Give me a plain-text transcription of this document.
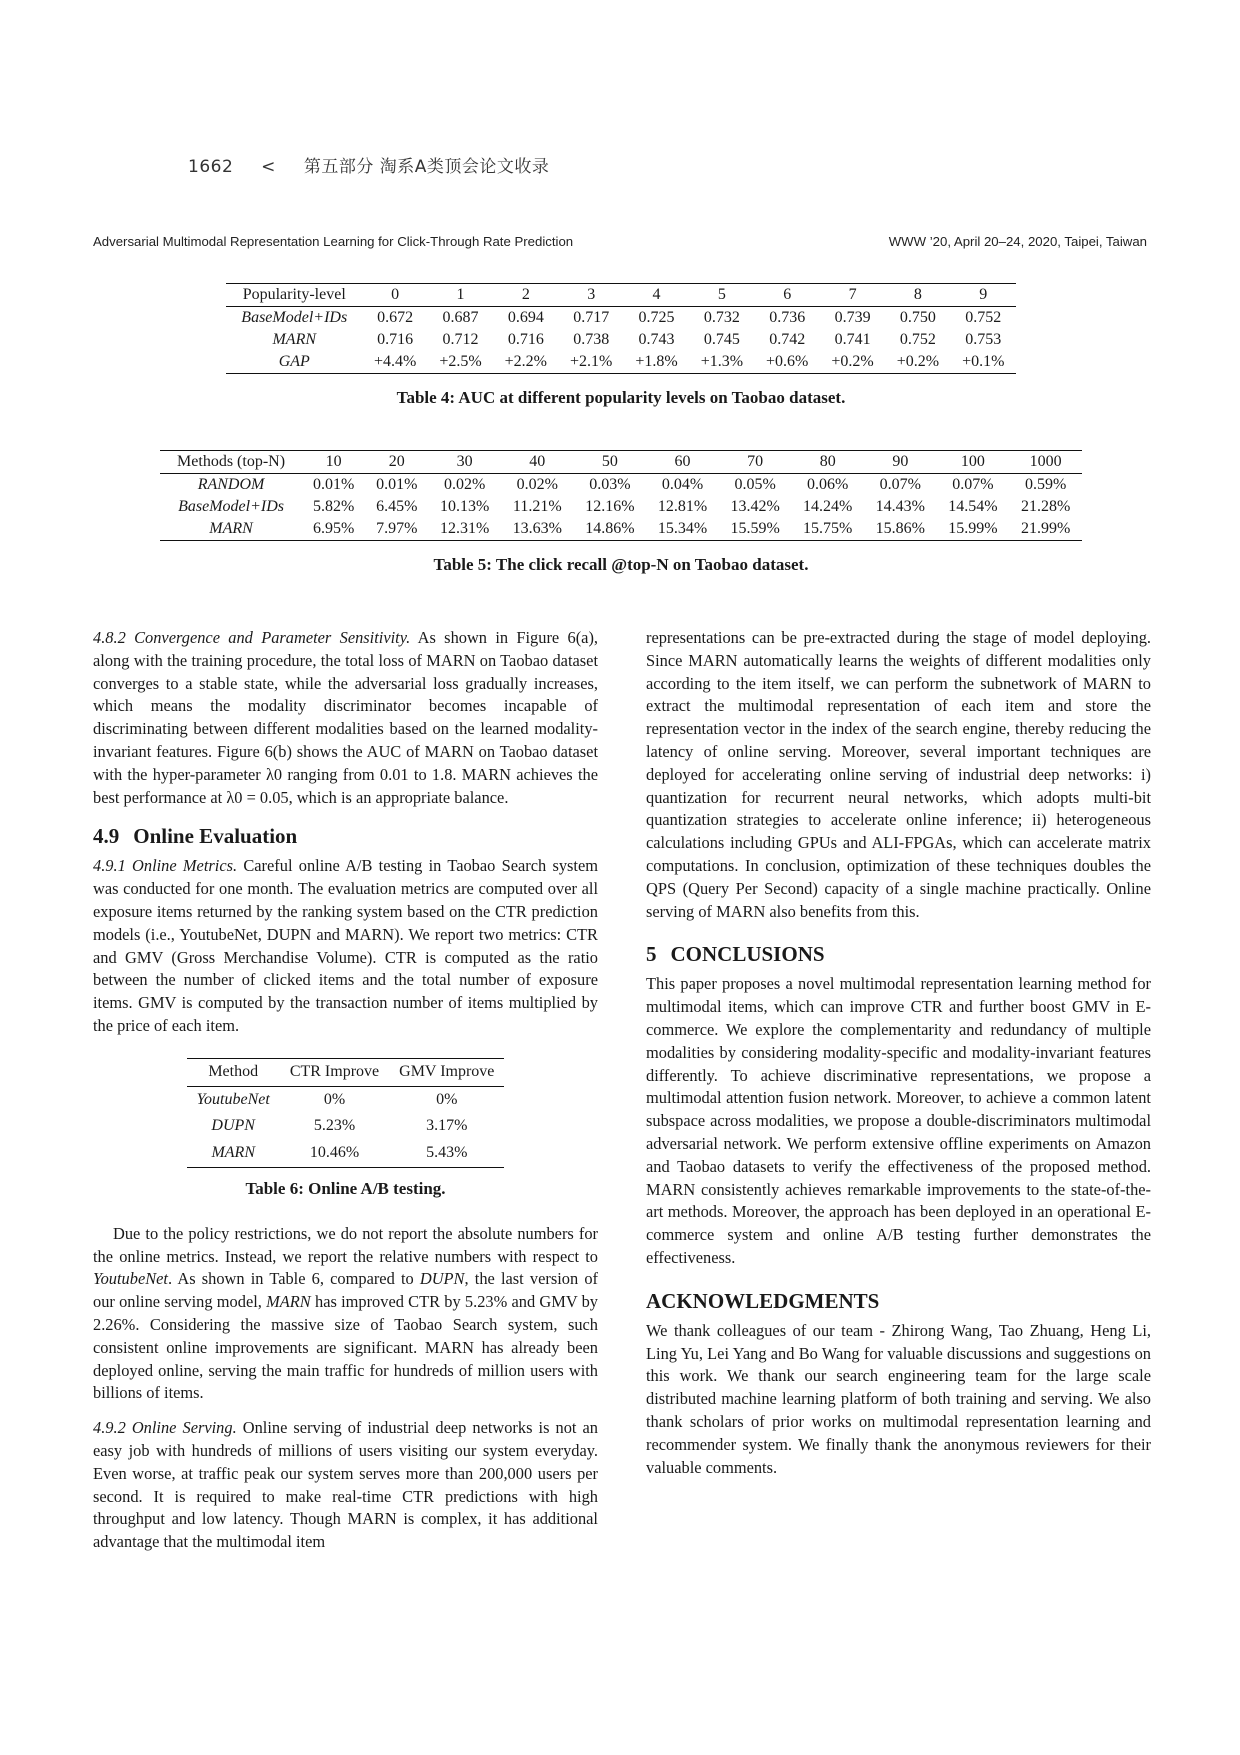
1662 < 第五部分 淘系A类顶会论文收录
Adversarial Multimodal Representation Learning for Click-Through Rate Prediction	WWW ’20, April 20–24, 2020, Taipei, Taiwan
Popularity-level	0	1	2	3	4	5	6	7	8	9
BaseModel+IDs	0.672	0.687	0.694	0.717	0.725	0.732	0.736	0.739	0.750	0.752
MARN	0.716	0.712	0.716	0.738	0.743	0.745	0.742	0.741	0.752	0.753
GAP	+4.4%	+2.5%	+2.2%	+2.1%	+1.8%	+1.3%	+0.6%	+0.2%	+0.2%	+0.1%
Table 4: AUC at different popularity levels on Taobao dataset.
Methods (top-N)	10	20	30	40	50	60	70	80	90	100	1000
RANDOM	0.01%	0.01%	0.02%	0.02%	0.03%	0.04%	0.05%	0.06%	0.07%	0.07%	0.59%
BaseModel+IDs	5.82%	6.45%	10.13%	11.21%	12.16%	12.81%	13.42%	14.24%	14.43%	14.54%	21.28%
MARN	6.95%	7.97%	12.31%	13.63%	14.86%	15.34%	15.59%	15.75%	15.86%	15.99%	21.99%
Table 5: The click recall @top-N on Taobao dataset.

4.8.2 Convergence and Parameter Sensitivity. As shown in Figure 6(a), along with the training procedure, the total loss of MARN on Taobao dataset converges to a stable state, while the adversarial loss gradually increases, which means the modality discriminator becomes incapable of discriminating between different modalities based on the learned modality-invariant features. Figure 6(b) shows the AUC of MARN on Taobao dataset with the hyper-parameter λ0 ranging from 0.01 to 1.8. MARN achieves the best performance at λ0 = 0.05, which is an appropriate balance.

4.9 Online Evaluation

4.9.1 Online Metrics. Careful online A/B testing in Taobao Search system was conducted for one month. The evaluation metrics are computed over all exposure items returned by the ranking system based on the CTR prediction models (i.e., YoutubeNet, DUPN and MARN). We report two metrics: CTR and GMV (Gross Merchandise Volume). CTR is computed as the ratio between the number of clicked items and the total number of exposure items. GMV is computed by the transaction number of items multiplied by the price of each item.

Method	CTR Improve	GMV Improve
YoutubeNet	0%	0%
DUPN	5.23%	3.17%
MARN	10.46%	5.43%
Table 6: Online A/B testing.

Due to the policy restrictions, we do not report the absolute numbers for the online metrics. Instead, we report the relative numbers with respect to YoutubeNet. As shown in Table 6, compared to DUPN, the last version of our online serving model, MARN has improved CTR by 5.23% and GMV by 2.26%. Considering the massive size of Taobao Search system, such consistent online improvements are significant. MARN has already been deployed online, serving the main traffic for hundreds of million users with billions of items.

4.9.2 Online Serving. Online serving of industrial deep networks is not an easy job with hundreds of millions of users visiting our system everyday. Even worse, at traffic peak our system serves more than 200,000 users per second. It is required to make real-time CTR predictions with high throughput and low latency. Though MARN is complex, it has additional advantage that the multimodal item

representations can be pre-extracted during the stage of model deploying. Since MARN automatically learns the weights of different modalities only according to the item itself, we can perform the subnetwork of MARN to extract the multimodal representation of each item and store the representation vector in the index of the search engine, thereby reducing the latency of online serving. Moreover, several important techniques are deployed for accelerating online serving of industrial deep networks: i) quantization for recurrent neural networks, which adopts multi-bit quantization strategies to accelerate online inference; ii) heterogeneous calculations including GPUs and ALI-FPGAs, which can accelerate matrix computations. In conclusion, optimization of these techniques doubles the QPS (Query Per Second) capacity of a single machine practically. Online serving of MARN also benefits from this.

5 CONCLUSIONS

This paper proposes a novel multimodal representation learning method for multimodal items, which can improve CTR and further boost GMV in E-commerce. We explore the complementarity and redundancy of multiple modalities by considering modality-specific and modality-invariant features differently. To achieve discriminative representations, we propose a multimodal attention fusion network. Moreover, to achieve a common latent subspace across modalities, we propose a double-discriminators multimodal adversarial network. We perform extensive offline experiments on Amazon and Taobao datasets to verify the effectiveness of the proposed method. MARN consistently achieves remarkable improvements to the state-of-the-art methods. Moreover, the approach has been deployed in an operational E-commerce system and online A/B testing further demonstrates the effectiveness.

ACKNOWLEDGMENTS

We thank colleagues of our team - Zhirong Wang, Tao Zhuang, Heng Li, Ling Yu, Lei Yang and Bo Wang for valuable discussions and suggestions on this work. We thank our search engineering team for the large scale distributed machine learning platform of both training and serving. We also thank scholars of prior works on multimodal representation learning and recommender system. We finally thank the anonymous reviewers for their valuable comments.
